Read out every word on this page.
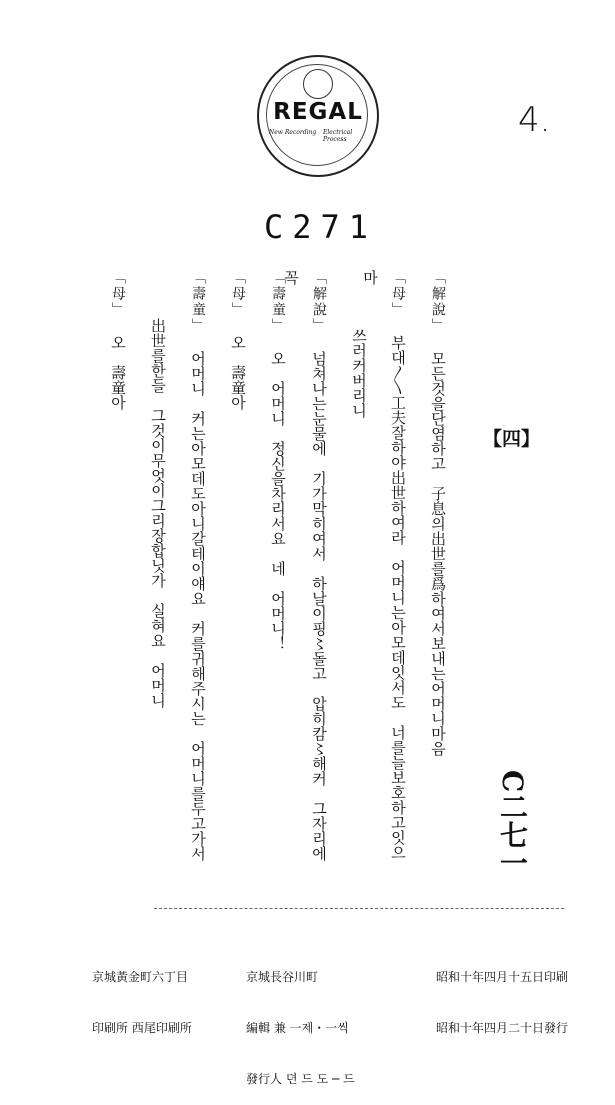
REGAL
New Recording Electrical Process	4.
C271
【四】
C二七一
「解說」 모든것을단염하고　子息의出世를爲하여서보내는어머니마음
「母」 부대〳〵工夫잘하야出世하여라　어머니는아모데잇서도　너를늘보호하고잇으마
쓰러커버리니
「解說」 넘쳐나는눈물에　기가막히여서　하날이핑〻돌고　압히캄〻해커　그자리에꼭
「壽童」 오　어머니　정신을차리서요　네　어머니！
「母」 오　壽童아
「壽童」 어머니　커는아모데도아니갈테이얘요　커를귀해주시는　어머니를두고가서
出世를한들　그것이무엇이그리장합닛가　실혀요　어머니
「母」 오　壽童아

昭和十年四月十五日印刷

昭和十年四月二十日發行

京城長谷川町

編輯 兼 一제・一씩

發行人 뎐 드 도 ─ 드

京城黃金町六丁目

印刷所 西尾印刷所
